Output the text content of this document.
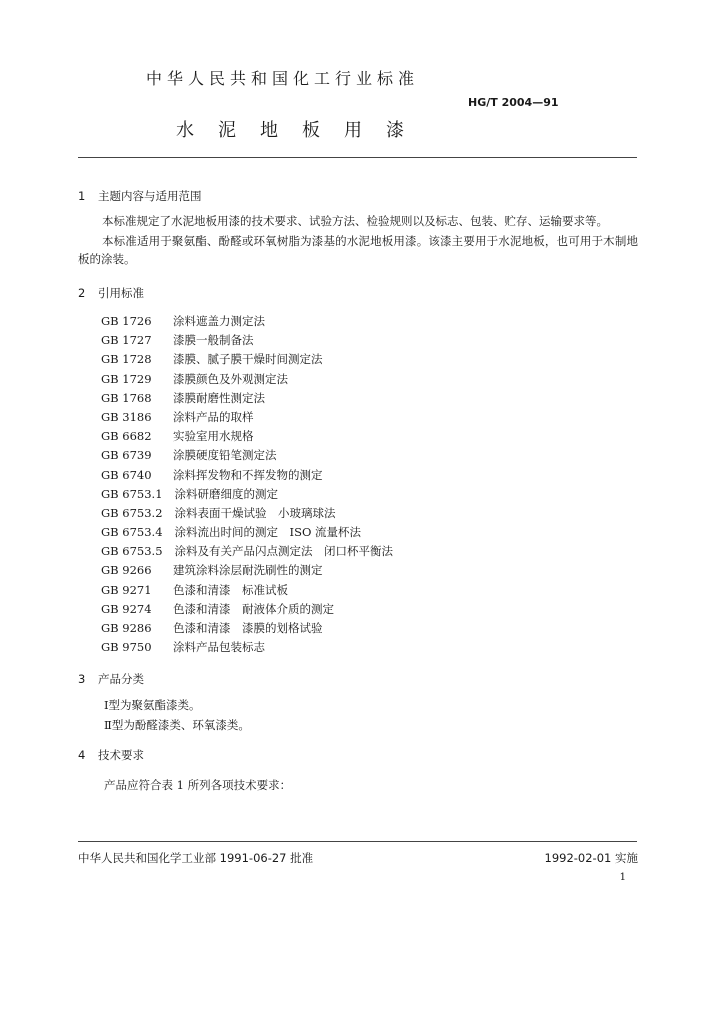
中华人民共和国化工行业标准
HG/T 2004—91
水泥地板用漆
1 主题内容与适用范围

本标准规定了水泥地板用漆的技术要求、试验方法、检验规则以及标志、包装、贮存、运输要求等。

本标准适用于聚氨酯、酚醛或环氧树脂为漆基的水泥地板用漆。该漆主要用于水泥地板，也可用于木制地板的涂装。

2 引用标准
GB 1726 涂料遮盖力测定法
GB 1727 漆膜一般制备法
GB 1728 漆膜、腻子膜干燥时间测定法
GB 1729 漆膜颜色及外观测定法
GB 1768 漆膜耐磨性测定法
GB 3186 涂料产品的取样
GB 6682 实验室用水规格
GB 6739 涂膜硬度铅笔测定法
GB 6740 涂料挥发物和不挥发物的测定
GB 6753.1 涂料研磨细度的测定
GB 6753.2 涂料表面干燥试验　小玻璃球法
GB 6753.4 涂料流出时间的测定　ISO 流量杯法
GB 6753.5 涂料及有关产品闪点测定法　闭口杯平衡法
GB 9266 建筑涂料涂层耐洗刷性的测定
GB 9271 色漆和清漆　标准试板
GB 9274 色漆和清漆　耐液体介质的测定
GB 9286 色漆和清漆　漆膜的划格试验
GB 9750 涂料产品包装标志
3 产品分类
Ⅰ型为聚氨酯漆类。
Ⅱ型为酚醛漆类、环氧漆类。
4 技术要求
产品应符合表 1 所列各项技术要求：
中华人民共和国化学工业部 1991-06-27 批准	1992-02-01 实施
1
